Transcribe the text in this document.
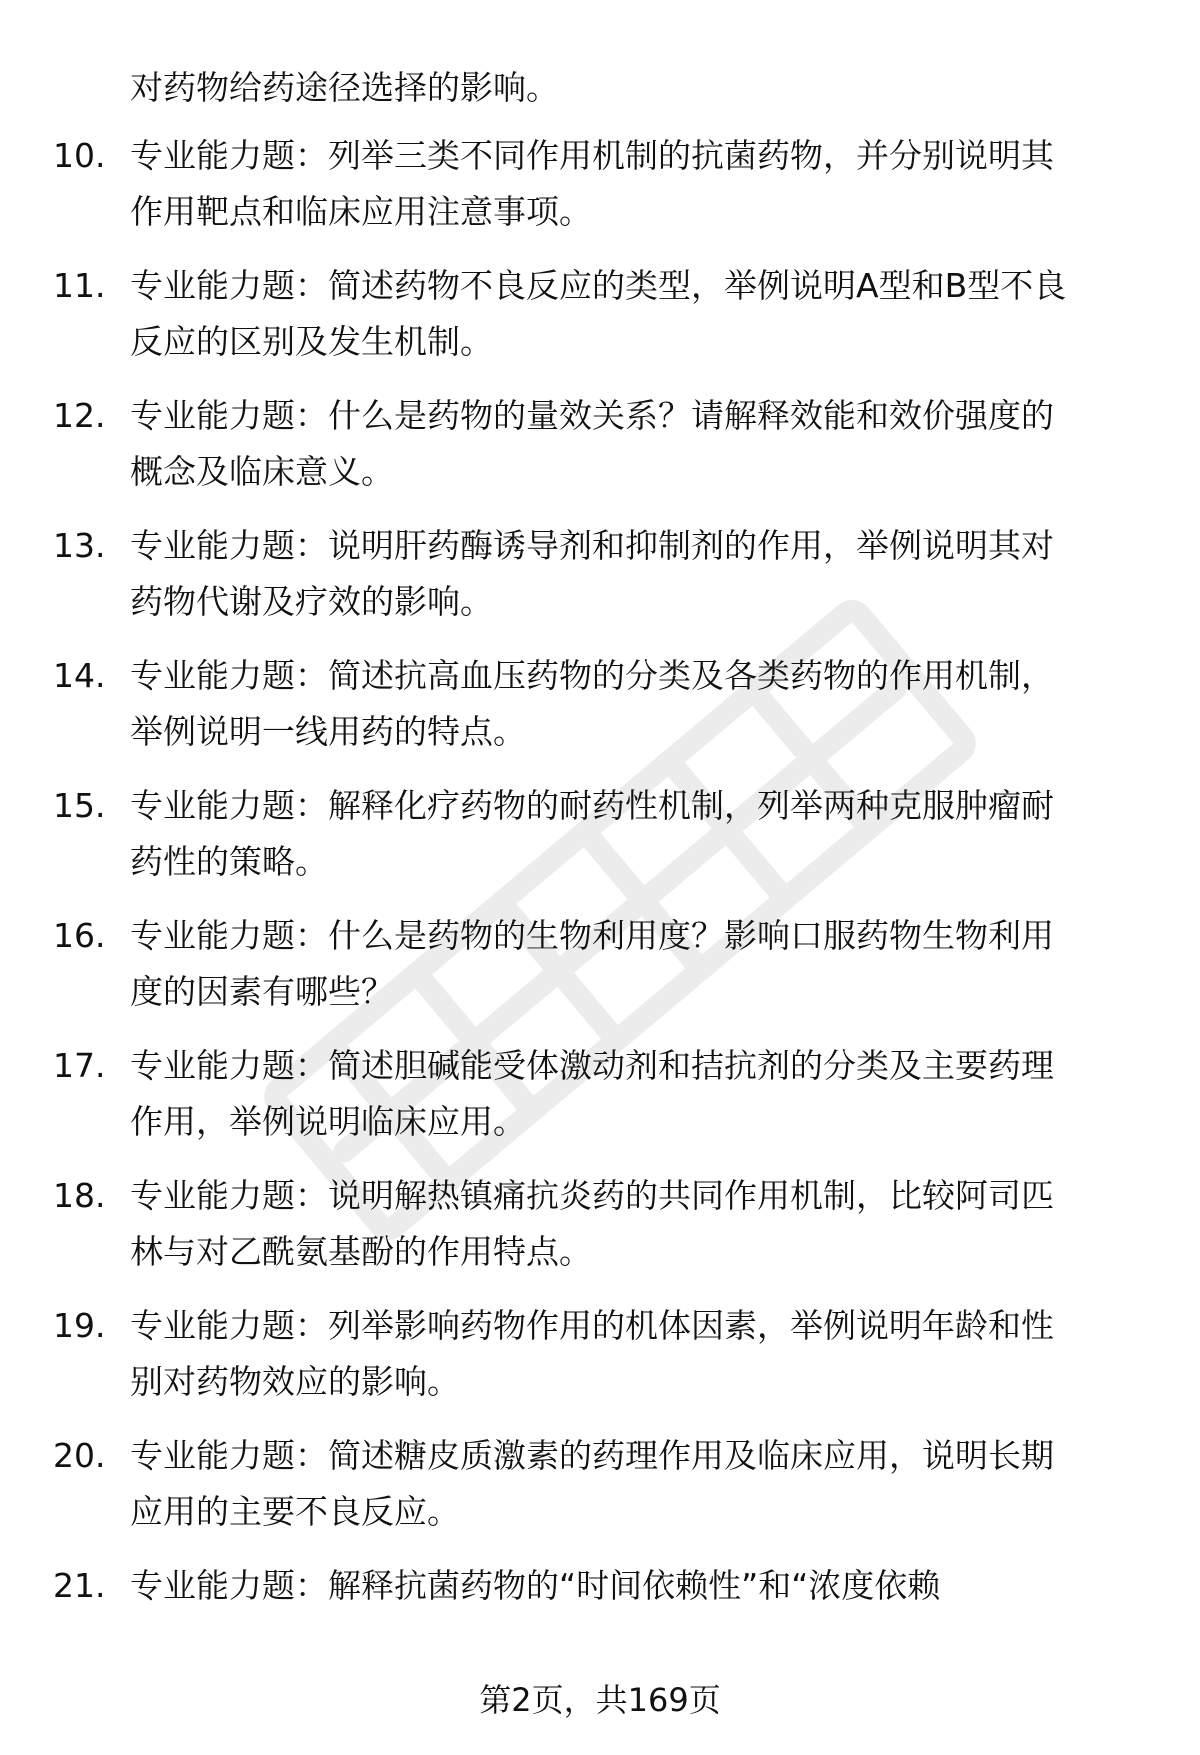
对药物给药途径选择的影响。
10. 专业能力题：列举三类不同作用机制的抗菌药物，并分别说明其
作用靶点和临床应用注意事项。
11. 专业能力题：简述药物不良反应的类型，举例说明A型和B型不良
反应的区别及发生机制。
12. 专业能力题：什么是药物的量效关系？请解释效能和效价强度的
概念及临床意义。
13. 专业能力题：说明肝药酶诱导剂和抑制剂的作用，举例说明其对
药物代谢及疗效的影响。
14. 专业能力题：简述抗高血压药物的分类及各类药物的作用机制，
举例说明一线用药的特点。
15. 专业能力题：解释化疗药物的耐药性机制，列举两种克服肿瘤耐
药性的策略。
16. 专业能力题：什么是药物的生物利用度？影响口服药物生物利用
度的因素有哪些？
17. 专业能力题：简述胆碱能受体激动剂和拮抗剂的分类及主要药理
作用，举例说明临床应用。
18. 专业能力题：说明解热镇痛抗炎药的共同作用机制，比较阿司匹
林与对乙酰氨基酚的作用特点。
19. 专业能力题：列举影响药物作用的机体因素，举例说明年龄和性
别对药物效应的影响。
20. 专业能力题：简述糖皮质激素的药理作用及临床应用，说明长期
应用的主要不良反应。
21. 专业能力题：解释抗菌药物的“时间依赖性”和“浓度依赖
第2页，共169页
